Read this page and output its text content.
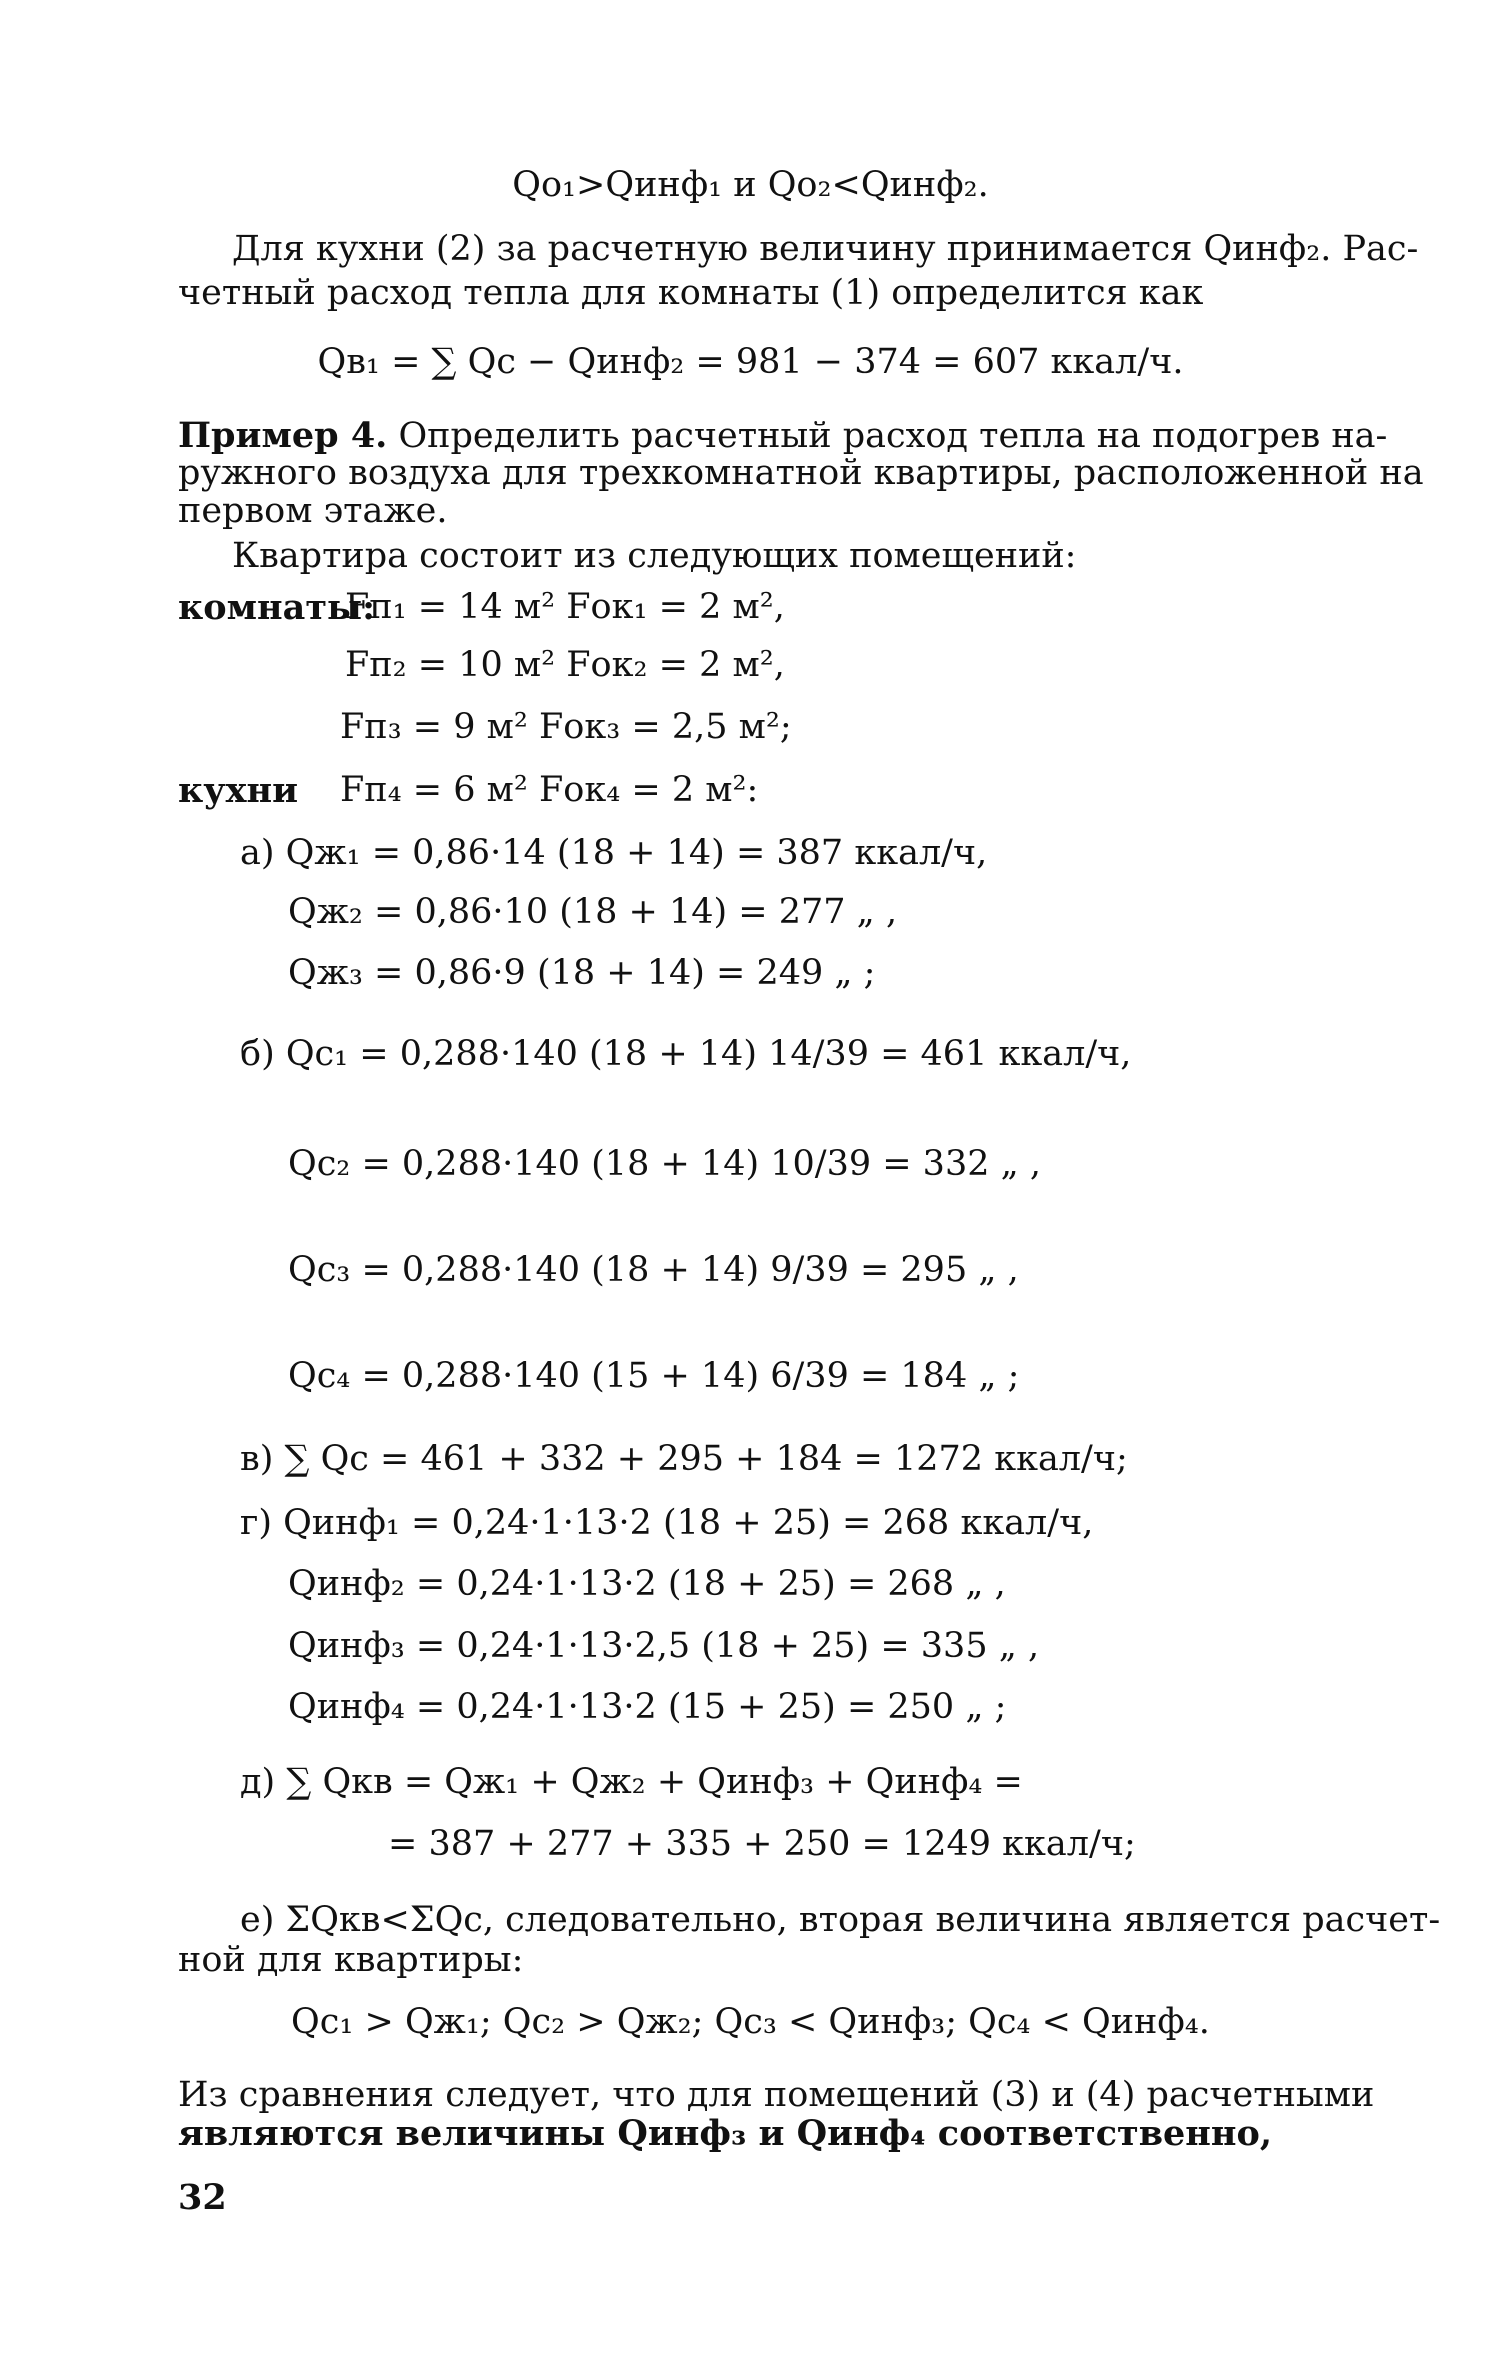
Qо₁>Qинф₁ и Qо₂<Qинф₂.
Для кухни (2) за расчетную величину принимается Qинф₂. Рас-
четный расход тепла для комнаты (1) определится как
Qв₁ = ∑ Qс − Qинф₂ = 981 − 374 = 607 ккал/ч.
Пример 4. Определить расчетный расход тепла на подогрев на-
ружного воздуха для трехкомнатной квартиры, расположенной на
первом этаже.
Квартира состоит из следующих помещений:
комнаты:
Fп₁ = 14 м² Fок₁ = 2 м²,
Fп₂ = 10 м² Fок₂ = 2 м²,
Fп₃ = 9 м² Fок₃ = 2,5 м²;
кухни Fп₄ = 6 м² Fок₄ = 2 м²:
а) Qж₁ = 0,86·14 (18 + 14) = 387 ккал/ч,
Qж₂ = 0,86·10 (18 + 14) = 277 „ ,
Qж₃ = 0,86·9 (18 + 14) = 249 „ ;
б) Qс₁ = 0,288·140 (18 + 14) 14/39 = 461 ккал/ч,
Qс₂ = 0,288·140 (18 + 14) 10/39 = 332 „ ,
Qс₃ = 0,288·140 (18 + 14) 9/39 = 295 „ ,
Qс₄ = 0,288·140 (15 + 14) 6/39 = 184 „ ;
в) ∑ Qс = 461 + 332 + 295 + 184 = 1272 ккал/ч;
г) Qинф₁ = 0,24·1·13·2 (18 + 25) = 268 ккал/ч,
Qинф₂ = 0,24·1·13·2 (18 + 25) = 268 „ ,
Qинф₃ = 0,24·1·13·2,5 (18 + 25) = 335 „ ,
Qинф₄ = 0,24·1·13·2 (15 + 25) = 250 „ ;
д) ∑ Qкв = Qж₁ + Qж₂ + Qинф₃ + Qинф₄ =
= 387 + 277 + 335 + 250 = 1249 ккал/ч;
е) ΣQкв<ΣQс, следовательно, вторая величина является расчет-
ной для квартиры:
Qс₁ > Qж₁; Qс₂ > Qж₂; Qс₃ < Qинф₃; Qс₄ < Qинф₄.
Из сравнения следует, что для помещений (3) и (4) расчетными
являются величины Qинф₃ и Qинф₄ соответственно,
32
